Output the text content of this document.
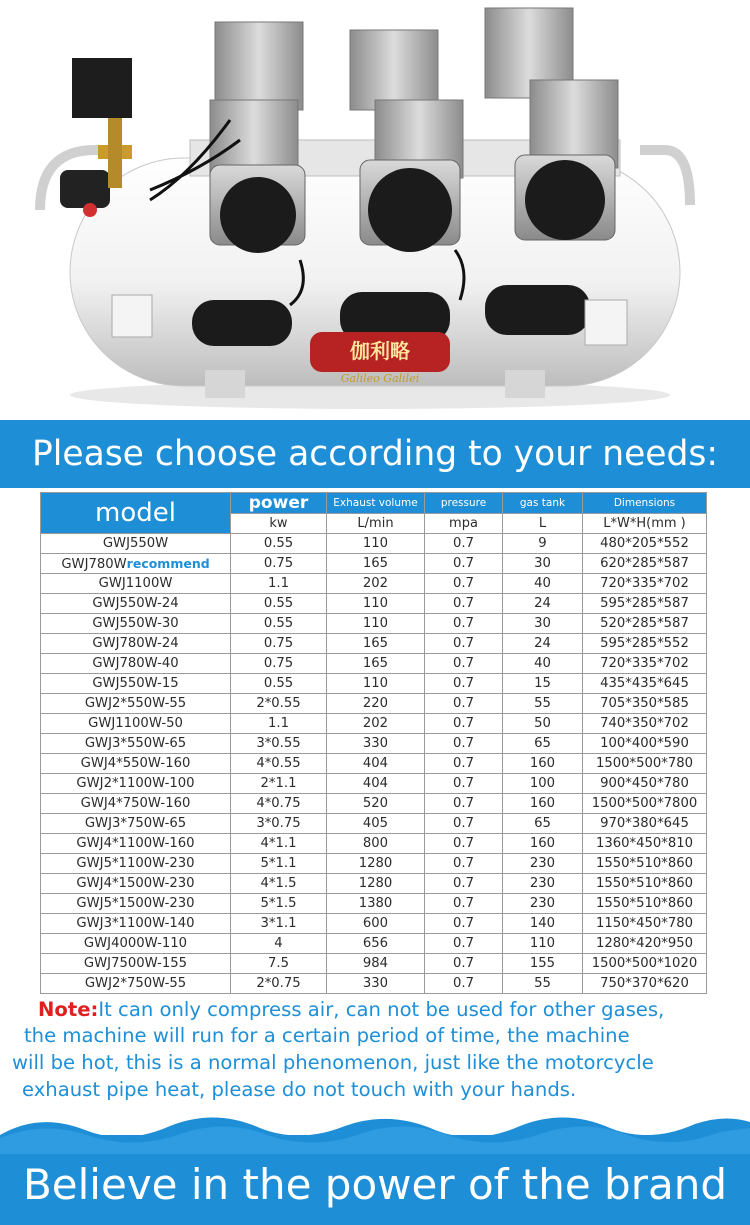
伽利略
Galileo Galilei
Please choose according to your needs:
model	power	Exhaust volume	pressure	gas tank	Dimensions
	kw	L/min	mpa	L	L*W*H(mm )
GWJ550W	0.55	110	0.7	9	480*205*552
GWJ780Wrecommend	0.75	165	0.7	30	620*285*587
GWJ1100W	1.1	202	0.7	40	720*335*702
GWJ550W-24	0.55	110	0.7	24	595*285*587
GWJ550W-30	0.55	110	0.7	30	520*285*587
GWJ780W-24	0.75	165	0.7	24	595*285*552
GWJ780W-40	0.75	165	0.7	40	720*335*702
GWJ550W-15	0.55	110	0.7	15	435*435*645
GWJ2*550W-55	2*0.55	220	0.7	55	705*350*585
GWJ1100W-50	1.1	202	0.7	50	740*350*702
GWJ3*550W-65	3*0.55	330	0.7	65	100*400*590
GWJ4*550W-160	4*0.55	404	0.7	160	1500*500*780
GWJ2*1100W-100	2*1.1	404	0.7	100	900*450*780
GWJ4*750W-160	4*0.75	520	0.7	160	1500*500*7800
GWJ3*750W-65	3*0.75	405	0.7	65	970*380*645
GWJ4*1100W-160	4*1.1	800	0.7	160	1360*450*810
GWJ5*1100W-230	5*1.1	1280	0.7	230	1550*510*860
GWJ4*1500W-230	4*1.5	1280	0.7	230	1550*510*860
GWJ5*1500W-230	5*1.5	1380	0.7	230	1550*510*860
GWJ3*1100W-140	3*1.1	600	0.7	140	1150*450*780
GWJ4000W-110	4	656	0.7	110	1280*420*950
GWJ7500W-155	7.5	984	0.7	155	1500*500*1020
GWJ2*750W-55	2*0.75	330	0.7	55	750*370*620
Note:It can only compress air, can not be used for other gases,
the machine will run for a certain period of time, the machine
will be hot, this is a normal phenomenon, just like the motorcycle
exhaust pipe heat, please do not touch with your hands.
Believe in the power of the brand
